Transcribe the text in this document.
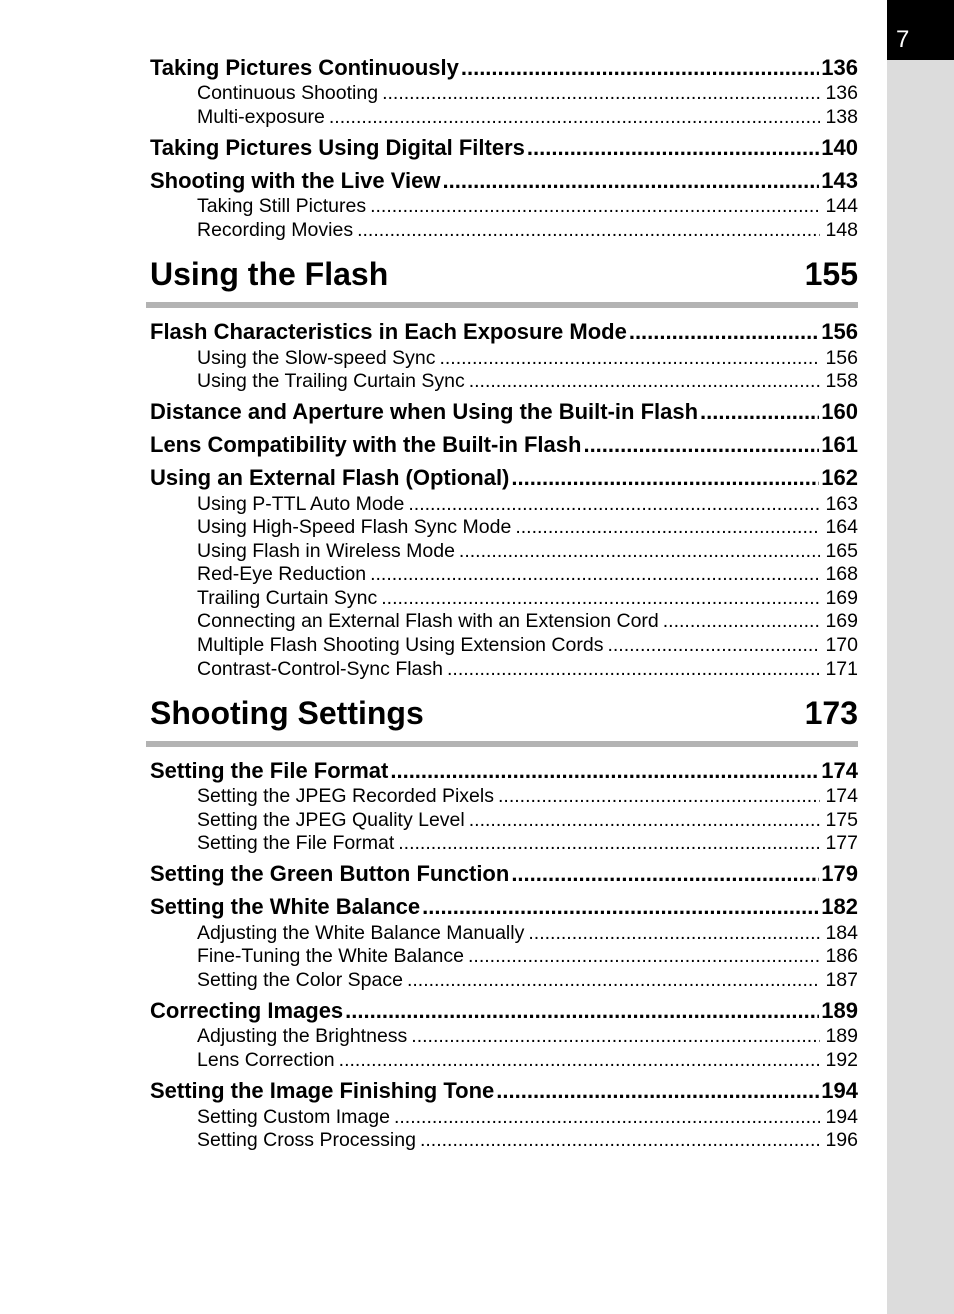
7
Taking Pictures Continuously .....	136
Continuous Shooting .....	136
Multi-exposure .....	138
Taking Pictures Using Digital Filters .....	140
Shooting with the Live View .....	143
Taking Still Pictures .....	144
Recording Movies .....	148
Using the Flash	155
Flash Characteristics in Each Exposure Mode .....	156
Using the Slow-speed Sync .....	156
Using the Trailing Curtain Sync .....	158
Distance and Aperture when Using the Built-in Flash .....	160
Lens Compatibility with the Built-in Flash .....	161
Using an External Flash (Optional) .....	162
Using P-TTL Auto Mode .....	163
Using High-Speed Flash Sync Mode .....	164
Using Flash in Wireless Mode .....	165
Red-Eye Reduction .....	168
Trailing Curtain Sync .....	169
Connecting an External Flash with an Extension Cord .....	169
Multiple Flash Shooting Using Extension Cords .....	170
Contrast-Control-Sync Flash .....	171
Shooting Settings	173
Setting the File Format .....	174
Setting the JPEG Recorded Pixels .....	174
Setting the JPEG Quality Level .....	175
Setting the File Format .....	177
Setting the Green Button Function .....	179
Setting the White Balance .....	182
Adjusting the White Balance Manually .....	184
Fine-Tuning the White Balance .....	186
Setting the Color Space .....	187
Correcting Images .....	189
Adjusting the Brightness .....	189
Lens Correction .....	192
Setting the Image Finishing Tone .....	194
Setting Custom Image .....	194
Setting Cross Processing .....	196
